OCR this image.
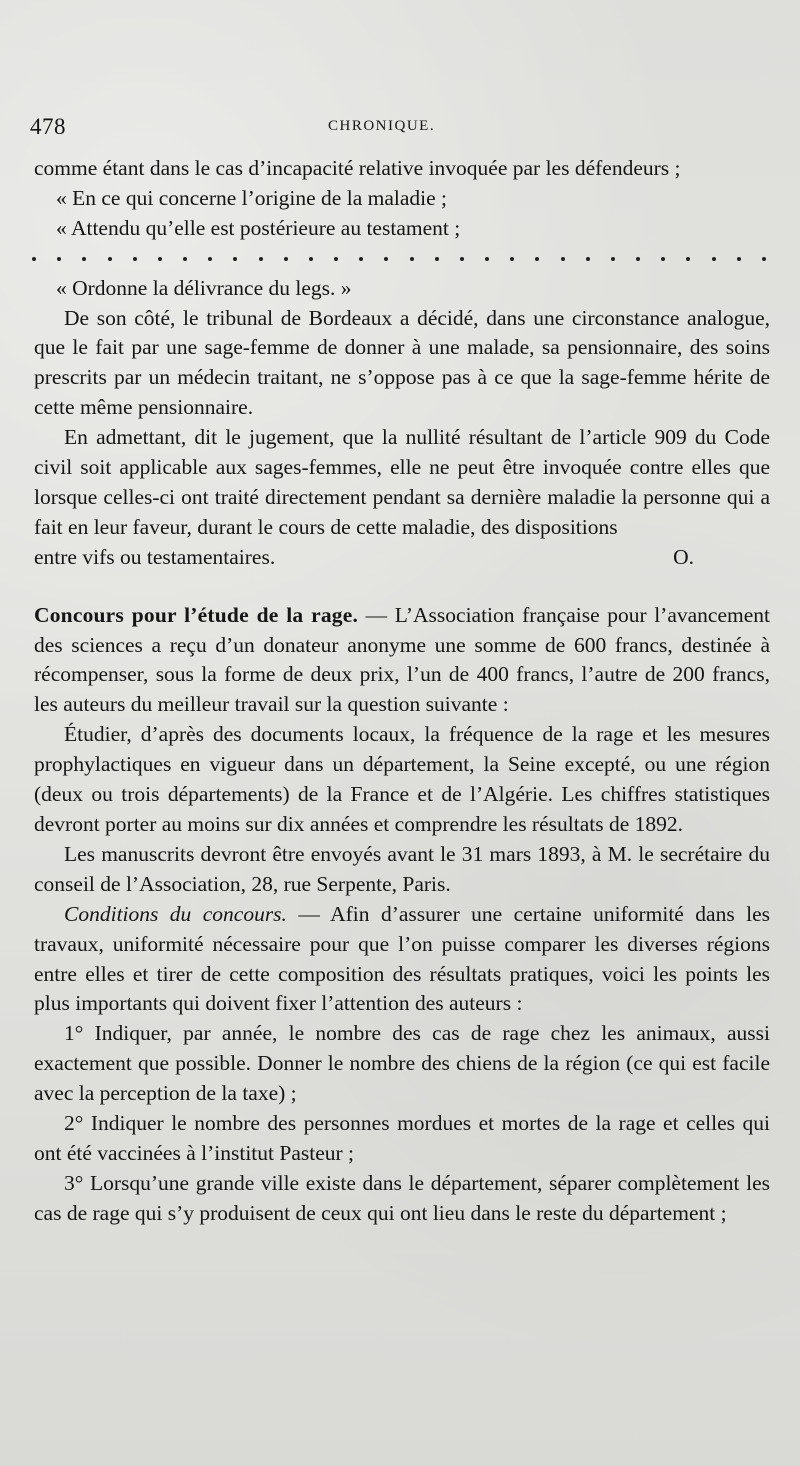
478	CHRONIQUE.

comme étant dans le cas d’incapacité relative invoquée par les défendeurs ;

« En ce qui concerne l’origine de la maladie ;

« Attendu qu’elle est postérieure au testament ;

« Ordonne la délivrance du legs. »

De son côté, le tribunal de Bordeaux a décidé, dans une circonstance analogue, que le fait par une sage-femme de donner à une malade, sa pensionnaire, des soins prescrits par un médecin traitant, ne s’oppose pas à ce que la sage-femme hérite de cette même pensionnaire.

En admettant, dit le jugement, que la nullité résultant de l’article 909 du Code civil soit applicable aux sages-femmes, elle ne peut être invoquée contre elles que lorsque celles-ci ont traité directement pendant sa dernière maladie la personne qui a fait en leur faveur, durant le cours de cette maladie, des dispositions

entre vifs ou testamentaires.	O.

Concours pour l’étude de la rage. — L’Association française pour l’avancement des sciences a reçu d’un donateur anonyme une somme de 600 francs, destinée à récompenser, sous la forme de deux prix, l’un de 400 francs, l’autre de 200 francs, les auteurs du meilleur travail sur la question suivante :

Étudier, d’après des documents locaux, la fréquence de la rage et les mesures prophylactiques en vigueur dans un département, la Seine excepté, ou une région (deux ou trois départements) de la France et de l’Algérie. Les chiffres statistiques devront porter au moins sur dix années et comprendre les résultats de 1892.

Les manuscrits devront être envoyés avant le 31 mars 1893, à M. le secrétaire du conseil de l’Association, 28, rue Serpente, Paris.

Conditions du concours. — Afin d’assurer une certaine uniformité dans les travaux, uniformité nécessaire pour que l’on puisse comparer les diverses régions entre elles et tirer de cette composition des résultats pratiques, voici les points les plus importants qui doivent fixer l’attention des auteurs :

1° Indiquer, par année, le nombre des cas de rage chez les animaux, aussi exactement que possible. Donner le nombre des chiens de la région (ce qui est facile avec la perception de la taxe) ;

2° Indiquer le nombre des personnes mordues et mortes de la rage et celles qui ont été vaccinées à l’institut Pasteur ;

3° Lorsqu’une grande ville existe dans le département, séparer complètement les cas de rage qui s’y produisent de ceux qui ont lieu dans le reste du département ;
